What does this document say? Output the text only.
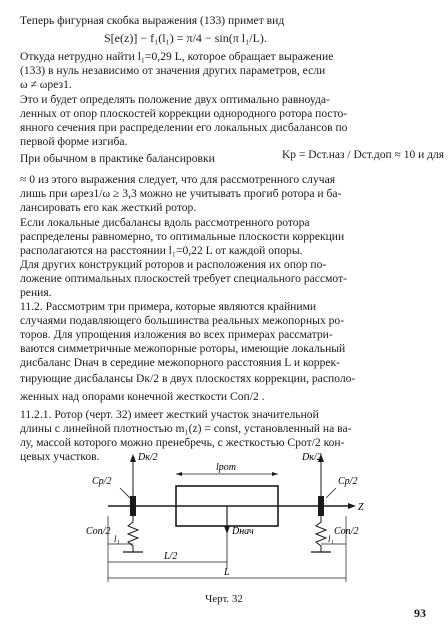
Теперь фигурная скобка выражения (133) примет вид
S[e(z)] − f₁(l₁) = π/4 − sin(π l₁/L).
Откуда нетрудно найти l₁=0,29 L, которое обращает выражение
(133) в нуль независимо от значения других параметров, если
ω ≠ ωрез1.
Это и будет определять положение двух оптимально равноуда-
ленных от опор плоскостей коррекции однородного ротора посто-
янного сечения при распределении его локальных дисбалансов по
первой форме изгиба.
При обычном в практике балансировки	Kр = Dст.наз / Dст.доп ≈ 10 и для
≈ 0 из этого выражения следует, что для рассмотренного случая
лишь при ωрез1/ω ≥ 3,3 можно не учитывать прогиб ротора и ба-
лансировать его как жесткий ротор.
Если локальные дисбалансы вдоль рассмотренного ротора
распределены равномерно, то оптимальные плоскости коррекции
располагаются на расстоянии l₁=0,22 L от каждой опоры.
Для других конструкций роторов и расположения их опор по-
ложение оптимальных плоскостей требует специального рассмот-
рения.
11.2. Рассмотрим три примера, которые являются крайними
случаями подавляющего большинства реальных межопорных ро-
торов. Для упрощения изложения во всех примерах рассматри-
ваются симметричные межопорные роторы, имеющие локальный
дисбаланс Dнач в середине межопорного расстояния L и коррек-
тирующие дисбалансы Dк/2 в двух плоскостях коррекции, располо-
женных над опорами конечной жесткости Cоп/2 .
11.2.1. Ротор (черт. 32) имеет жесткий участок значительной
длины с линейной плотностью m₁(z) = const, установленный на ва-
лу, массой которого можно пренебречь, с жесткостью Cрот/2 кон-
цевых участков.
Z
lрот
Dк/2
Cр/2
Dк/2
Cр/2
Cоп/2	Cоп/2
Dнач
l₁	l₁
L/2
L
Черт. 32
93
